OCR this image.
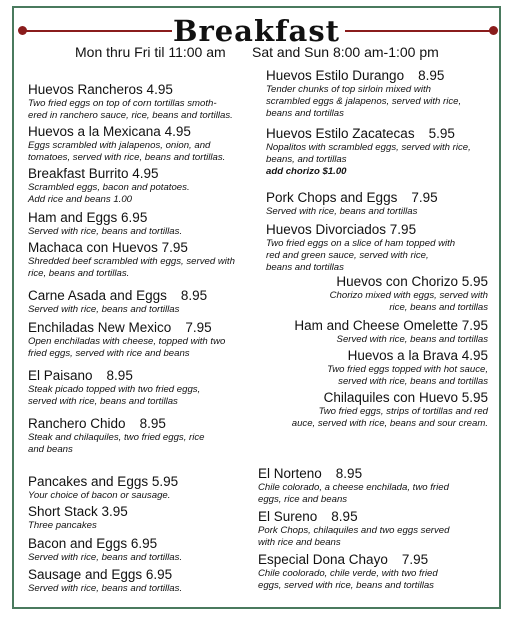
Breakfast
Mon thru Fri til 11:00 am Sat and Sun 8:00 am-1:00 pm
Huevos Rancheros 4.95
Two fried eggs on top of corn tortillas smoth-
ered in ranchero sauce, rice, beans and tortillas.
Huevos a la Mexicana 4.95
Eggs scrambled with jalapenos, onion, and
tomatoes, served with rice, beans and tortillas.
Breakfast Burrito 4.95
Scrambled eggs, bacon and potatoes.
Add rice and beans 1.00
Ham and Eggs 6.95
Served with rice, beans and tortillas.
Machaca con Huevos 7.95
Shredded beef scrambled with eggs, served with
rice, beans and tortillas.
Carne Asada and Eggs 8.95
Served with rice, beans and tortillas
Enchiladas New Mexico 7.95
Open enchiladas with cheese, topped with two
fried eggs, served with rice and beans
El Paisano 8.95
Steak picado topped with two fried eggs,
served with rice, beans and tortillas
Ranchero Chido 8.95
Steak and chilaquiles, two fried eggs, rice
and beans
Pancakes and Eggs 5.95
Your choice of bacon or sausage.
Short Stack 3.95
Three pancakes
Bacon and Eggs 6.95
Served with rice, beans and tortillas.
Sausage and Eggs 6.95
Served with rice, beans and tortillas.
Huevos Estilo Durango 8.95
Tender chunks of top sirloin mixed with
scrambled eggs & jalapenos, served with rice,
beans and tortillas
Huevos Estilo Zacatecas 5.95
Nopalitos with scrambled eggs, served with rice,
beans, and tortillas
add chorizo $1.00
Pork Chops and Eggs 7.95
Served with rice, beans and tortillas
Huevos Divorciados 7.95
Two fried eggs on a slice of ham topped with
red and green sauce, served with rice,
beans and tortillas
Huevos con Chorizo 5.95
Chorizo mixed with eggs, served with
rice, beans and tortillas
Ham and Cheese Omelette 7.95
Served with rice, beans and tortillas
Huevos a la Brava 4.95
Two fried eggs topped with hot sauce,
served with rice, beans and tortillas
Chilaquiles con Huevo 5.95
Two fried eggs, strips of tortillas and red
auce, served with rice, beans and sour cream.
El Norteno 8.95
Chile colorado, a cheese enchilada, two fried
eggs, rice and beans
El Sureno 8.95
Pork Chops, chilaquiles and two eggs served
with rice and beans
Especial Dona Chayo 7.95
Chile coolorado, chile verde, with two fried
eggs, served with rice, beans and tortillas
